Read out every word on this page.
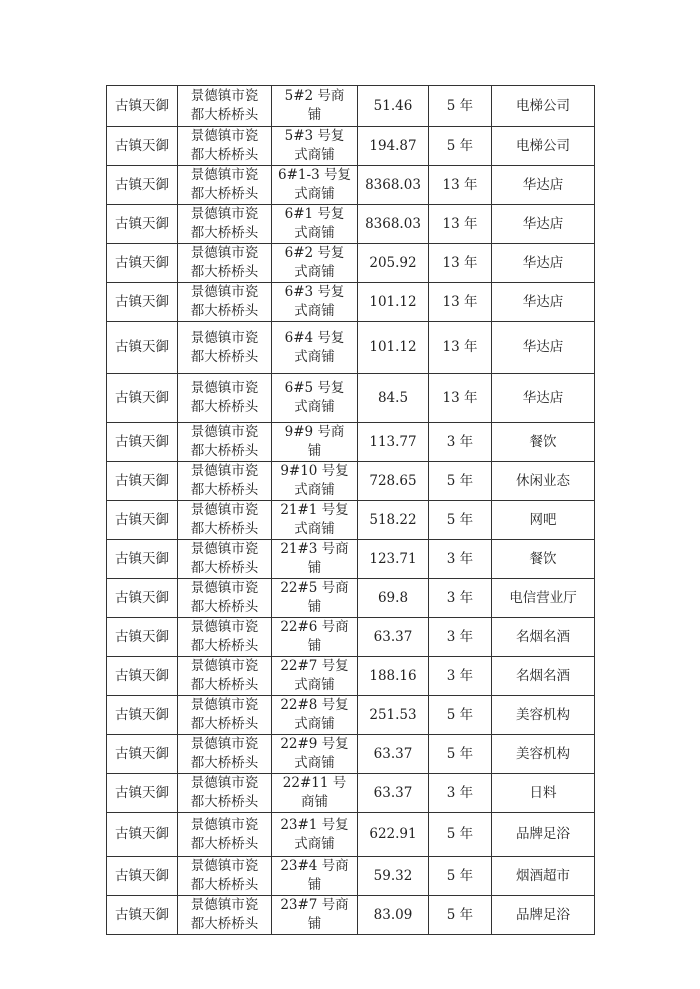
古镇天御	景德镇市瓷都大桥桥头	5#2 号商铺	51.46	5 年	电梯公司
古镇天御	景德镇市瓷都大桥桥头	5#3 号复式商铺	194.87	5 年	电梯公司
古镇天御	景德镇市瓷都大桥桥头	6#1-3 号复式商铺	8368.03	13 年	华达店
古镇天御	景德镇市瓷都大桥桥头	6#1 号复式商铺	8368.03	13 年	华达店
古镇天御	景德镇市瓷都大桥桥头	6#2 号复式商铺	205.92	13 年	华达店
古镇天御	景德镇市瓷都大桥桥头	6#3 号复式商铺	101.12	13 年	华达店
古镇天御	景德镇市瓷都大桥桥头	6#4 号复式商铺	101.12	13 年	华达店
古镇天御	景德镇市瓷都大桥桥头	6#5 号复式商铺	84.5	13 年	华达店
古镇天御	景德镇市瓷都大桥桥头	9#9 号商铺	113.77	3 年	餐饮
古镇天御	景德镇市瓷都大桥桥头	9#10 号复式商铺	728.65	5 年	休闲业态
古镇天御	景德镇市瓷都大桥桥头	21#1 号复式商铺	518.22	5 年	网吧
古镇天御	景德镇市瓷都大桥桥头	21#3 号商铺	123.71	3 年	餐饮
古镇天御	景德镇市瓷都大桥桥头	22#5 号商铺	69.8	3 年	电信营业厅
古镇天御	景德镇市瓷都大桥桥头	22#6 号商铺	63.37	3 年	名烟名酒
古镇天御	景德镇市瓷都大桥桥头	22#7 号复式商铺	188.16	3 年	名烟名酒
古镇天御	景德镇市瓷都大桥桥头	22#8 号复式商铺	251.53	5 年	美容机构
古镇天御	景德镇市瓷都大桥桥头	22#9 号复式商铺	63.37	5 年	美容机构
古镇天御	景德镇市瓷都大桥桥头	22#11 号商铺	63.37	3 年	日料
古镇天御	景德镇市瓷都大桥桥头	23#1 号复式商铺	622.91	5 年	品牌足浴
古镇天御	景德镇市瓷都大桥桥头	23#4 号商铺	59.32	5 年	烟酒超市
古镇天御	景德镇市瓷都大桥桥头	23#7 号商铺	83.09	5 年	品牌足浴
